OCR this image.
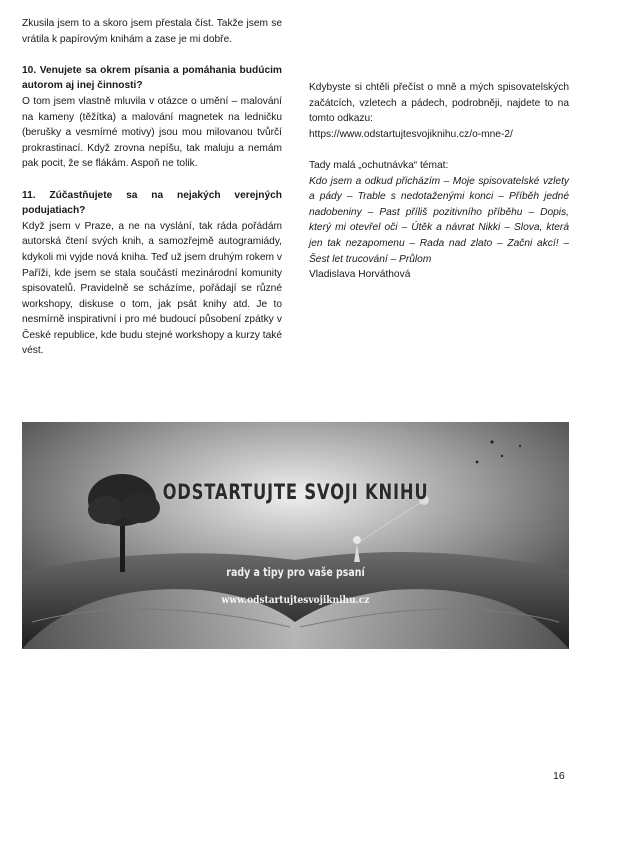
Zkusila jsem to a skoro jsem přestala číst. Takže jsem se vrátila k papírovým knihám a zase je mi dobře.

10. Venujete sa okrem písania a pomáhania budúcim autorom aj inej činnosti?

O tom jsem vlastně mluvila v otázce o umění – malování na kameny (těžítka) a malování magnetek na ledničku (berušky a vesmírné motivy) jsou mou milovanou tvůrčí prokrastinací. Když zrovna nepíšu, tak maluju a nemám pak pocit, že se flákám. Aspoň ne tolik.

11. Zúčastňujete sa na nejakých verejných podujatiach?

Když jsem v Praze, a ne na vyslání, tak ráda pořádám autorská čtení svých knih, a samozřejmě autogramiády, kdykoli mi vyjde nová kniha. Teď už jsem druhým rokem v Paříži, kde jsem se stala součástí mezinárodní komunity spisovatelů. Pravidelně se scházíme, pořádají se různé workshopy, diskuse o tom, jak psát knihy atd. Je to nesmírně inspirativní i pro mé budoucí působení zpátky v České republice, kde budu stejné workshopy a kurzy také vést.

Kdybyste si chtěli přečíst o mně a mých spisovatelských začátcích, vzletech a pádech, podrobněji, najdete to na tomto odkazu:

https://www.odstartujtesvojiknihu.cz/o-mne-2/

Tady malá „ochutnávka“ témat:

Kdo jsem a odkud přicházím – Moje spisovatelské vzlety a pády – Trable s nedotaženými konci – Příběh jedné nadobeniny – Past příliš pozitivního příběhu – Dopis, který mi otevřel oči – Útěk a návrat Nikki – Slova, která jen tak nezapomenu – Rada nad zlato – Začni akcí! – Šest let trucování – Průlom

Vladislava Horváthová

ODSTARTUJTE SVOJI KNIHU
rady a tipy pro vaše psaní
www.odstartujtesvojiknihu.cz
16
